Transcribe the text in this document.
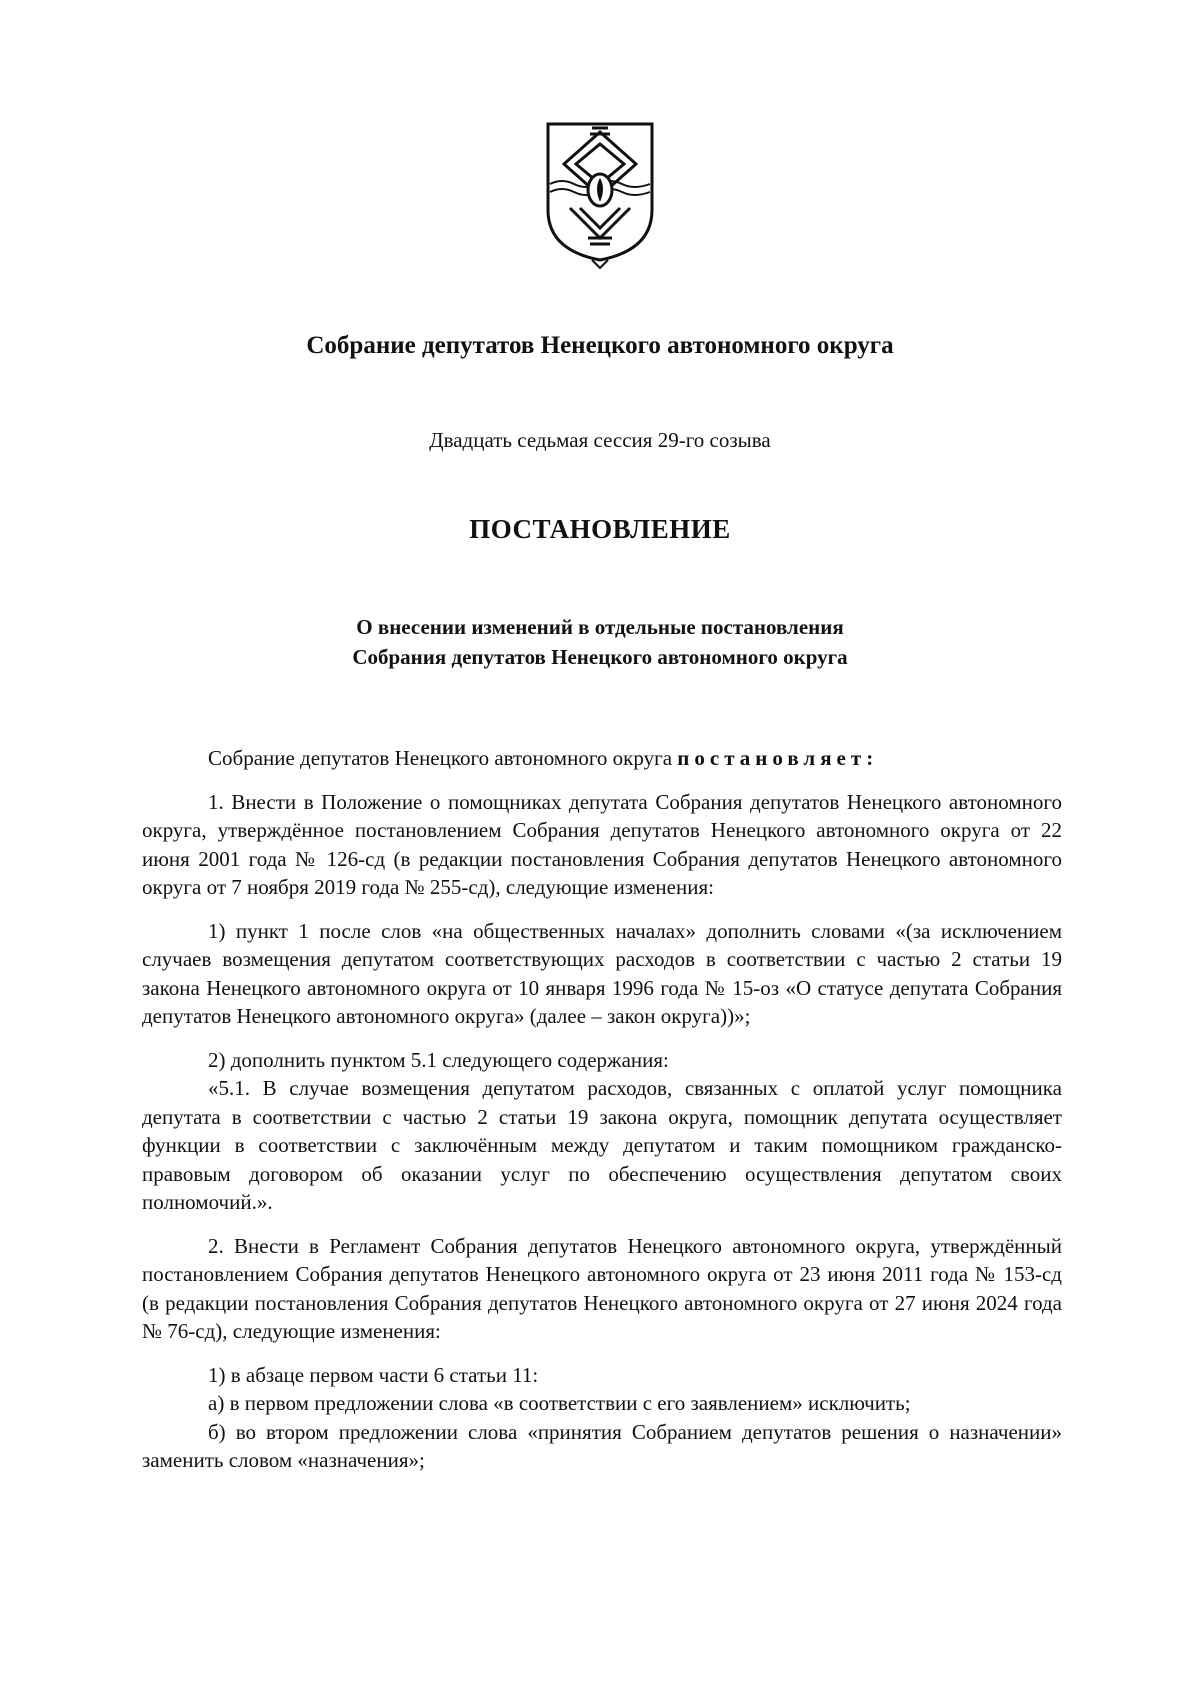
Собрание депутатов Ненецкого автономного округа
Двадцать седьмая сессия 29-го созыва
ПОСТАНОВЛЕНИЕ
О внесении изменений в отдельные постановления
Собрания депутатов Ненецкого автономного округа

Собрание депутатов Ненецкого автономного округа постановляет:

1. Внести в Положение о помощниках депутата Собрания депутатов Ненецкого автономного округа, утверждённое постановлением Собрания депутатов Ненецкого автономного округа от 22 июня 2001 года № 126-сд (в редакции постановления Собрания депутатов Ненецкого автономного округа от 7 ноября 2019 года № 255-сд), следующие изменения:

1) пункт 1 после слов «на общественных началах» дополнить словами «(за исключением случаев возмещения депутатом соответствующих расходов в соответствии с частью 2 статьи 19 закона Ненецкого автономного округа от 10 января 1996 года № 15-оз «О статусе депутата Собрания депутатов Ненецкого автономного округа» (далее – закон округа))»;

2) дополнить пунктом 5.1 следующего содержания:

«5.1. В случае возмещения депутатом расходов, связанных с оплатой услуг помощника депутата в соответствии с частью 2 статьи 19 закона округа, помощник депутата осуществляет функции в соответствии с заключённым между депутатом и таким помощником гражданско-правовым договором об оказании услуг по обеспечению осуществления депутатом своих полномочий.».

2. Внести в Регламент Собрания депутатов Ненецкого автономного округа, утверждённый постановлением Собрания депутатов Ненецкого автономного округа от 23 июня 2011 года № 153-сд (в редакции постановления Собрания депутатов Ненецкого автономного округа от 27 июня 2024 года № 76-сд), следующие изменения:

1) в абзаце первом части 6 статьи 11:

а) в первом предложении слова «в соответствии с его заявлением» исключить;

б) во втором предложении слова «принятия Собранием депутатов решения о назначении» заменить словом «назначения»;
